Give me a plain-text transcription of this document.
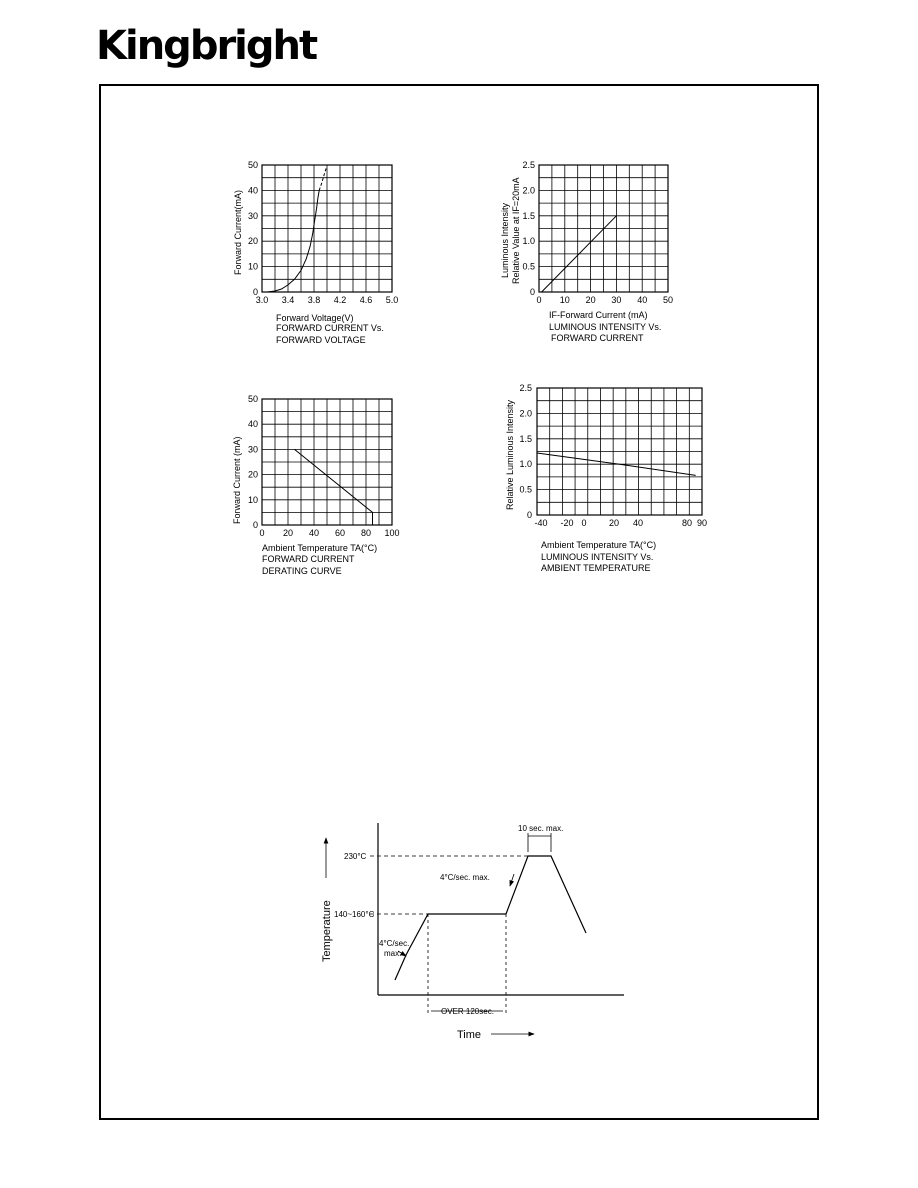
Kingbright
0
10
20
30
40
50
3.0 3.4 3.8 4.2 4.6 5.0
Forward Voltage(V)
Forward Current(mA)
FORWARD CURRENT Vs.
FORWARD VOLTAGE
0
0.5
1.0
1.5
2.0
2.5
0 10 20 30 40 50
IF-Forward Current (mA)
Luminous Intensity Relative Value at IF=20mA
LUMINOUS INTENSITY Vs.
FORWARD CURRENT
0
10
20
30
40
50
0 20 40 60 80 100
Ambient Temperature TA(°C)
Forward Current (mA)
FORWARD CURRENT
DERATING CURVE
0
0.5
1.0
1.5
2.0
2.5
-40 -20 0 20 40	80 90
Ambient Temperature TA(°C)
Relative Luminous Intensity
LUMINOUS INTENSITY Vs.
AMBIENT TEMPERATURE
Temperature
Time
230°C
140~160°C
10 sec. max.
4°C/sec. max.
4°C/sec.
max.
OVER 120sec.
